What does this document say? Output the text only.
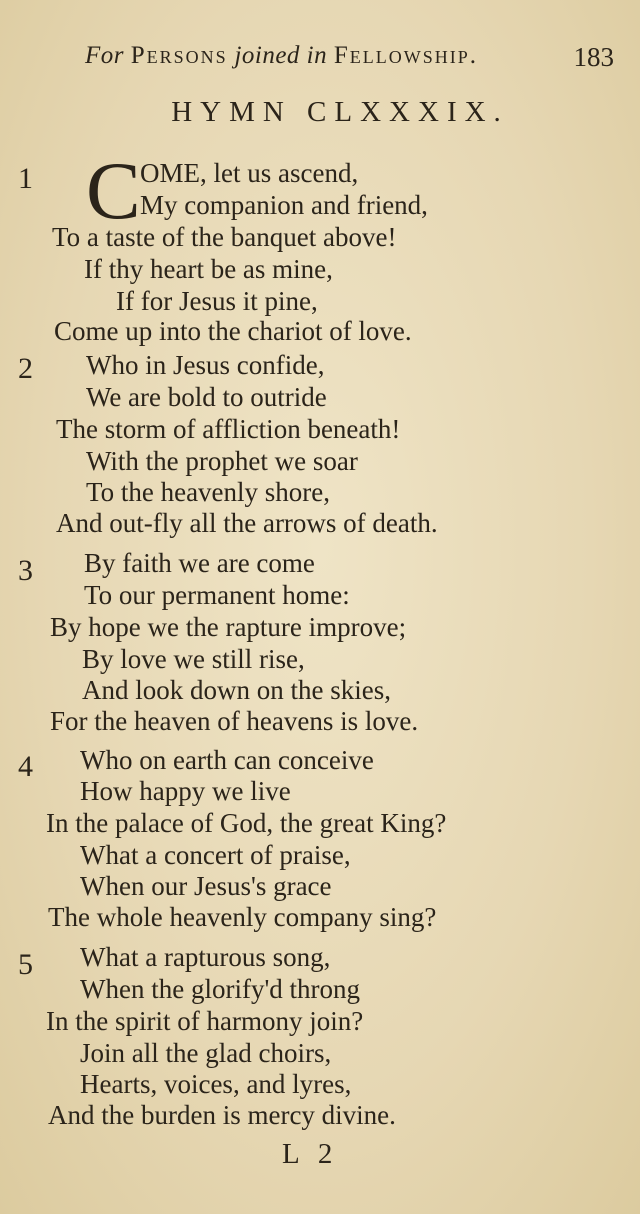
For Persons joined in Fellowship.	183
HYMN CLXXXIX.
C
1	OME, let us ascend,
My companion and friend,
To a taste of the banquet above!
If thy heart be as mine,
If for Jesus it pine,
Come up into the chariot of love.
2 Who in Jesus confide,
We are bold to outride
The storm of affliction beneath!
With the prophet we soar
To the heavenly shore,
And out-fly all the arrows of death.
3 By faith we are come
To our permanent home:
By hope we the rapture improve;
By love we still rise,
And look down on the skies,
For the heaven of heavens is love.
4 Who on earth can conceive
How happy we live
In the palace of God, the great King?
What a concert of praise,
When our Jesus's grace
The whole heavenly company sing?
5 What a rapturous song,
When the glorify'd throng
In the spirit of harmony join?
Join all the glad choirs,
Hearts, voices, and lyres,
And the burden is mercy divine.
L 2
